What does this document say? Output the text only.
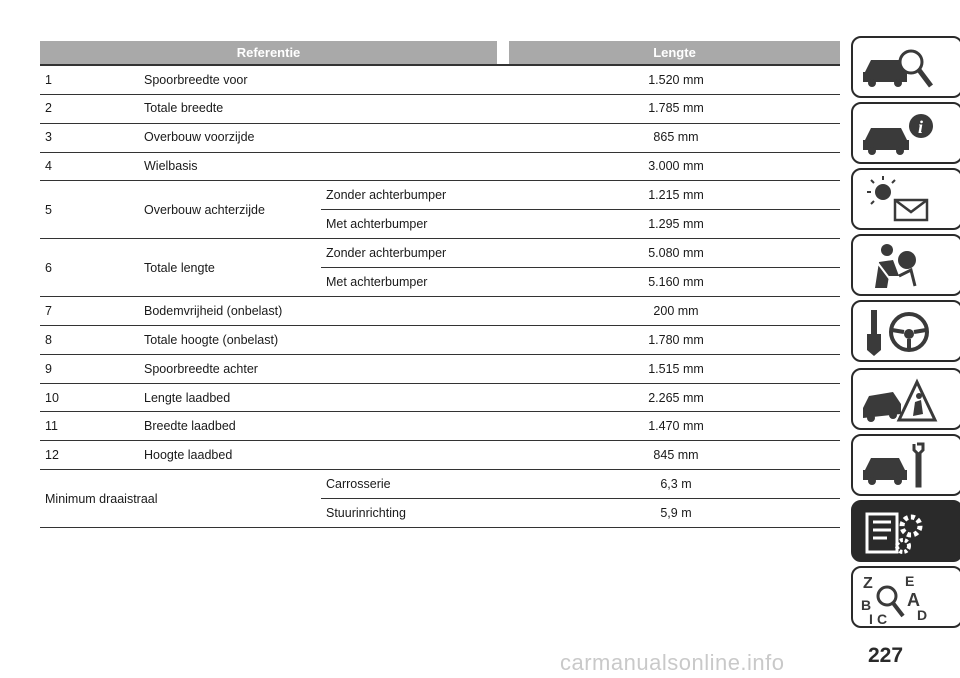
Referentie	Lengte
1	Spoorbreedte voor	1.520 mm
2	Totale breedte	1.785 mm
3	Overbouw voorzijde	865 mm
4	Wielbasis	3.000 mm
5	Overbouw achterzijde
Zonder achterbumper	1.215 mm
Met achterbumper	1.295 mm
6	Totale lengte
Zonder achterbumper	5.080 mm
Met achterbumper	5.160 mm
7	Bodemvrijheid (onbelast)	200 mm
8	Totale hoogte (onbelast)	1.780 mm
9	Spoorbreedte achter	1.515 mm
10	Lengte laadbed	2.265 mm
11	Breedte laadbed	1.470 mm
12	Hoogte laadbed	845 mm
Minimum draaistraal
Carrosserie	6,3 m
Stuurinrichting	5,9 m
i
Z E
B A
D
C
I
carmanualsonline.info	227
